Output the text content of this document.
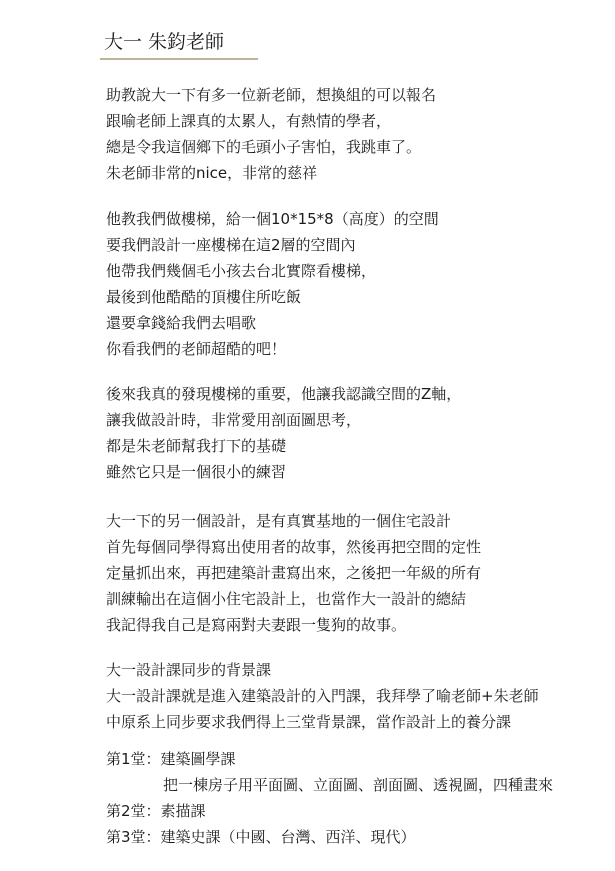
大一 朱鈞老師
助教說大一下有多一位新老師，想換組的可以報名
跟喻老師上課真的太累人，有熱情的學者，
總是令我這個鄉下的毛頭小子害怕，我跳車了。
朱老師非常的nice，非常的慈祥
他教我們做樓梯，給一個10*15*8（高度）的空間
要我們設計一座樓梯在這2層的空間內
他帶我們幾個毛小孩去台北實際看樓梯，
最後到他酷酷的頂樓住所吃飯
還要拿錢給我們去唱歌
你看我們的老師超酷的吧！
後來我真的發現樓梯的重要，他讓我認識空間的Z軸，
讓我做設計時，非常愛用剖面圖思考，
都是朱老師幫我打下的基礎
雖然它只是一個很小的練習
大一下的另一個設計，是有真實基地的一個住宅設計
首先每個同學得寫出使用者的故事，然後再把空間的定性
定量抓出來，再把建築計畫寫出來，之後把一年級的所有
訓練輸出在這個小住宅設計上，也當作大一設計的總結
我記得我自己是寫兩對夫妻跟一隻狗的故事。
大一設計課同步的背景課
大一設計課就是進入建築設計的入門課，我拜學了喻老師+朱老師
中原系上同步要求我們得上三堂背景課，當作設計上的養分課
第1堂：建築圖學課
把一棟房子用平面圖、立面圖、剖面圖、透視圖，四種畫來
第2堂：素描課
第3堂：建築史課（中國、台灣、西洋、現代）
